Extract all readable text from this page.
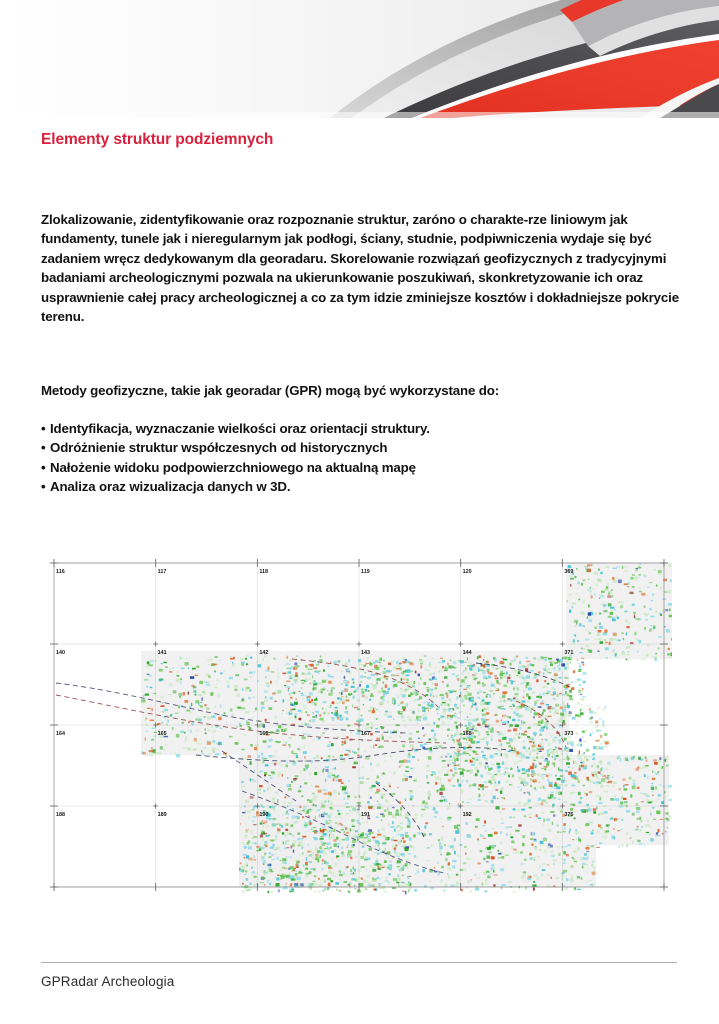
Elementy struktur podziemnych
Zlokalizowanie, zidentyfikowanie oraz rozpoznanie struktur, zaróno o charakte-rze liniowym jak fundamenty, tunele jak i nieregularnym jak podłogi, ściany, studnie, podpiwniczenia wydaje się być zadaniem wręcz dedykowanym dla georadaru. Skorelowanie rozwiązań geofizycznych z tradycyjnymi badaniami archeologicznymi pozwala na ukierunkowanie poszukiwań, skonkretyzowanie ich oraz usprawnienie całej pracy archeologicznej a co za tym idzie zminiejsze kosztów i dokładniejsze pokrycie terenu.
Metody geofizyczne, takie jak georadar (GPR) mogą być wykorzystane do:
• Identyfikacja, wyznaczanie wielkości oraz orientacji struktury.
• Odróżnienie struktur współczesnych od historycznych
• Nałożenie widoku podpowierzchniowego na aktualną mapę
• Analiza oraz wizualizacja danych w 3D.
116	117	118	119	120	369
140	141	142	143	144	371
164	165	166	167	168	373
188	189	190	191	192	375
GPRadar Archeologia
